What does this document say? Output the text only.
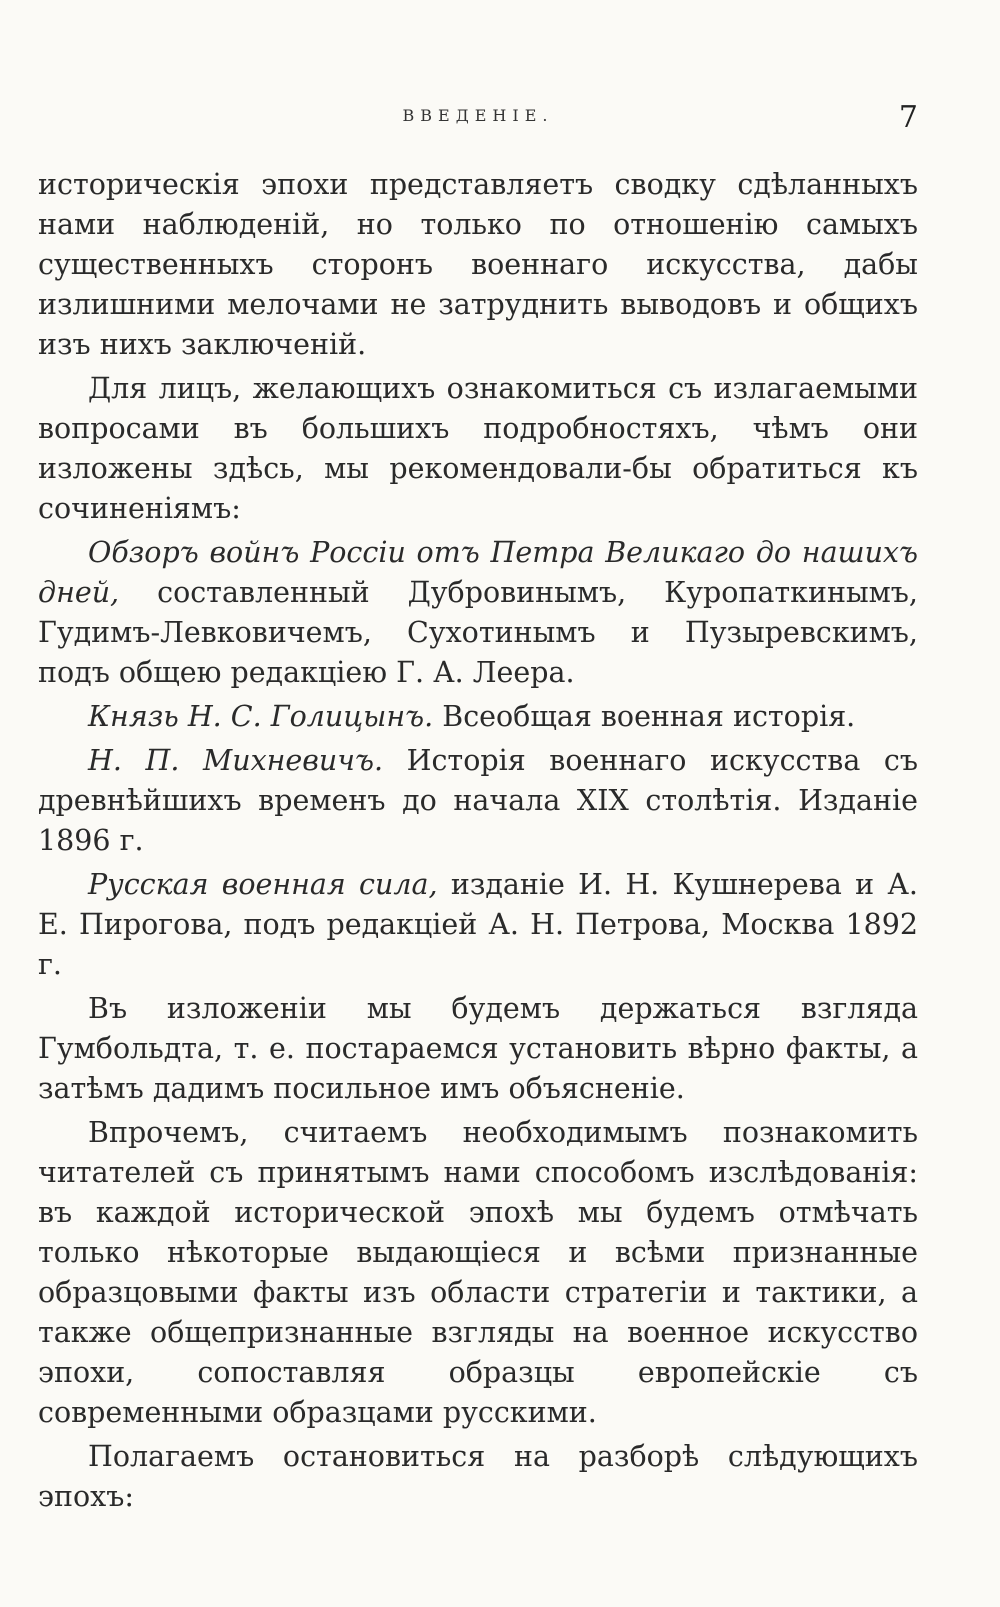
ВВЕДЕНІЕ.	7

историческія эпохи представляетъ сводку сдѣланныхъ нами наблюденій, но только по отношенію самыхъ существенныхъ сторонъ военнаго искусства, дабы излишними мелочами не затруднить выводовъ и общихъ изъ нихъ заключеній.

Для лицъ, желающихъ ознакомиться съ излагаемыми вопросами въ большихъ подробностяхъ, чѣмъ они изложены здѣсь, мы рекомендовали-бы обратиться къ сочиненіямъ:

Обзоръ войнъ Россіи отъ Петра Великаго до нашихъ дней, составленный Дубровинымъ, Куропаткинымъ, Гудимъ-Левковичемъ, Сухотинымъ и Пузыревскимъ, подъ общею редакціею Г. А. Леера.

Князь Н. С. Голицынъ. Всеобщая военная исторія.

Н. П. Михневичъ. Исторія военнаго искусства съ древнѣйшихъ временъ до начала XIX столѣтія. Изданіе 1896 г.

Русская военная сила, изданіе И. Н. Кушнерева и А. Е. Пирогова, подъ редакціей А. Н. Петрова, Москва 1892 г.

Въ изложеніи мы будемъ держаться взгляда Гумбольдта, т. е. постараемся установить вѣрно факты, а затѣмъ дадимъ посильное имъ объясненіе.

Впрочемъ, считаемъ необходимымъ познакомить читателей съ принятымъ нами способомъ изслѣдованія: въ каждой исторической эпохѣ мы будемъ отмѣчать только нѣкоторые выдающіеся и всѣми признанные образцовыми факты изъ области стратегіи и тактики, а также общепризнанные взгляды на военное искусство эпохи, сопоставляя образцы европейскіе съ современными образцами русскими.

Полагаемъ остановиться на разборѣ слѣдующихъ эпохъ:
